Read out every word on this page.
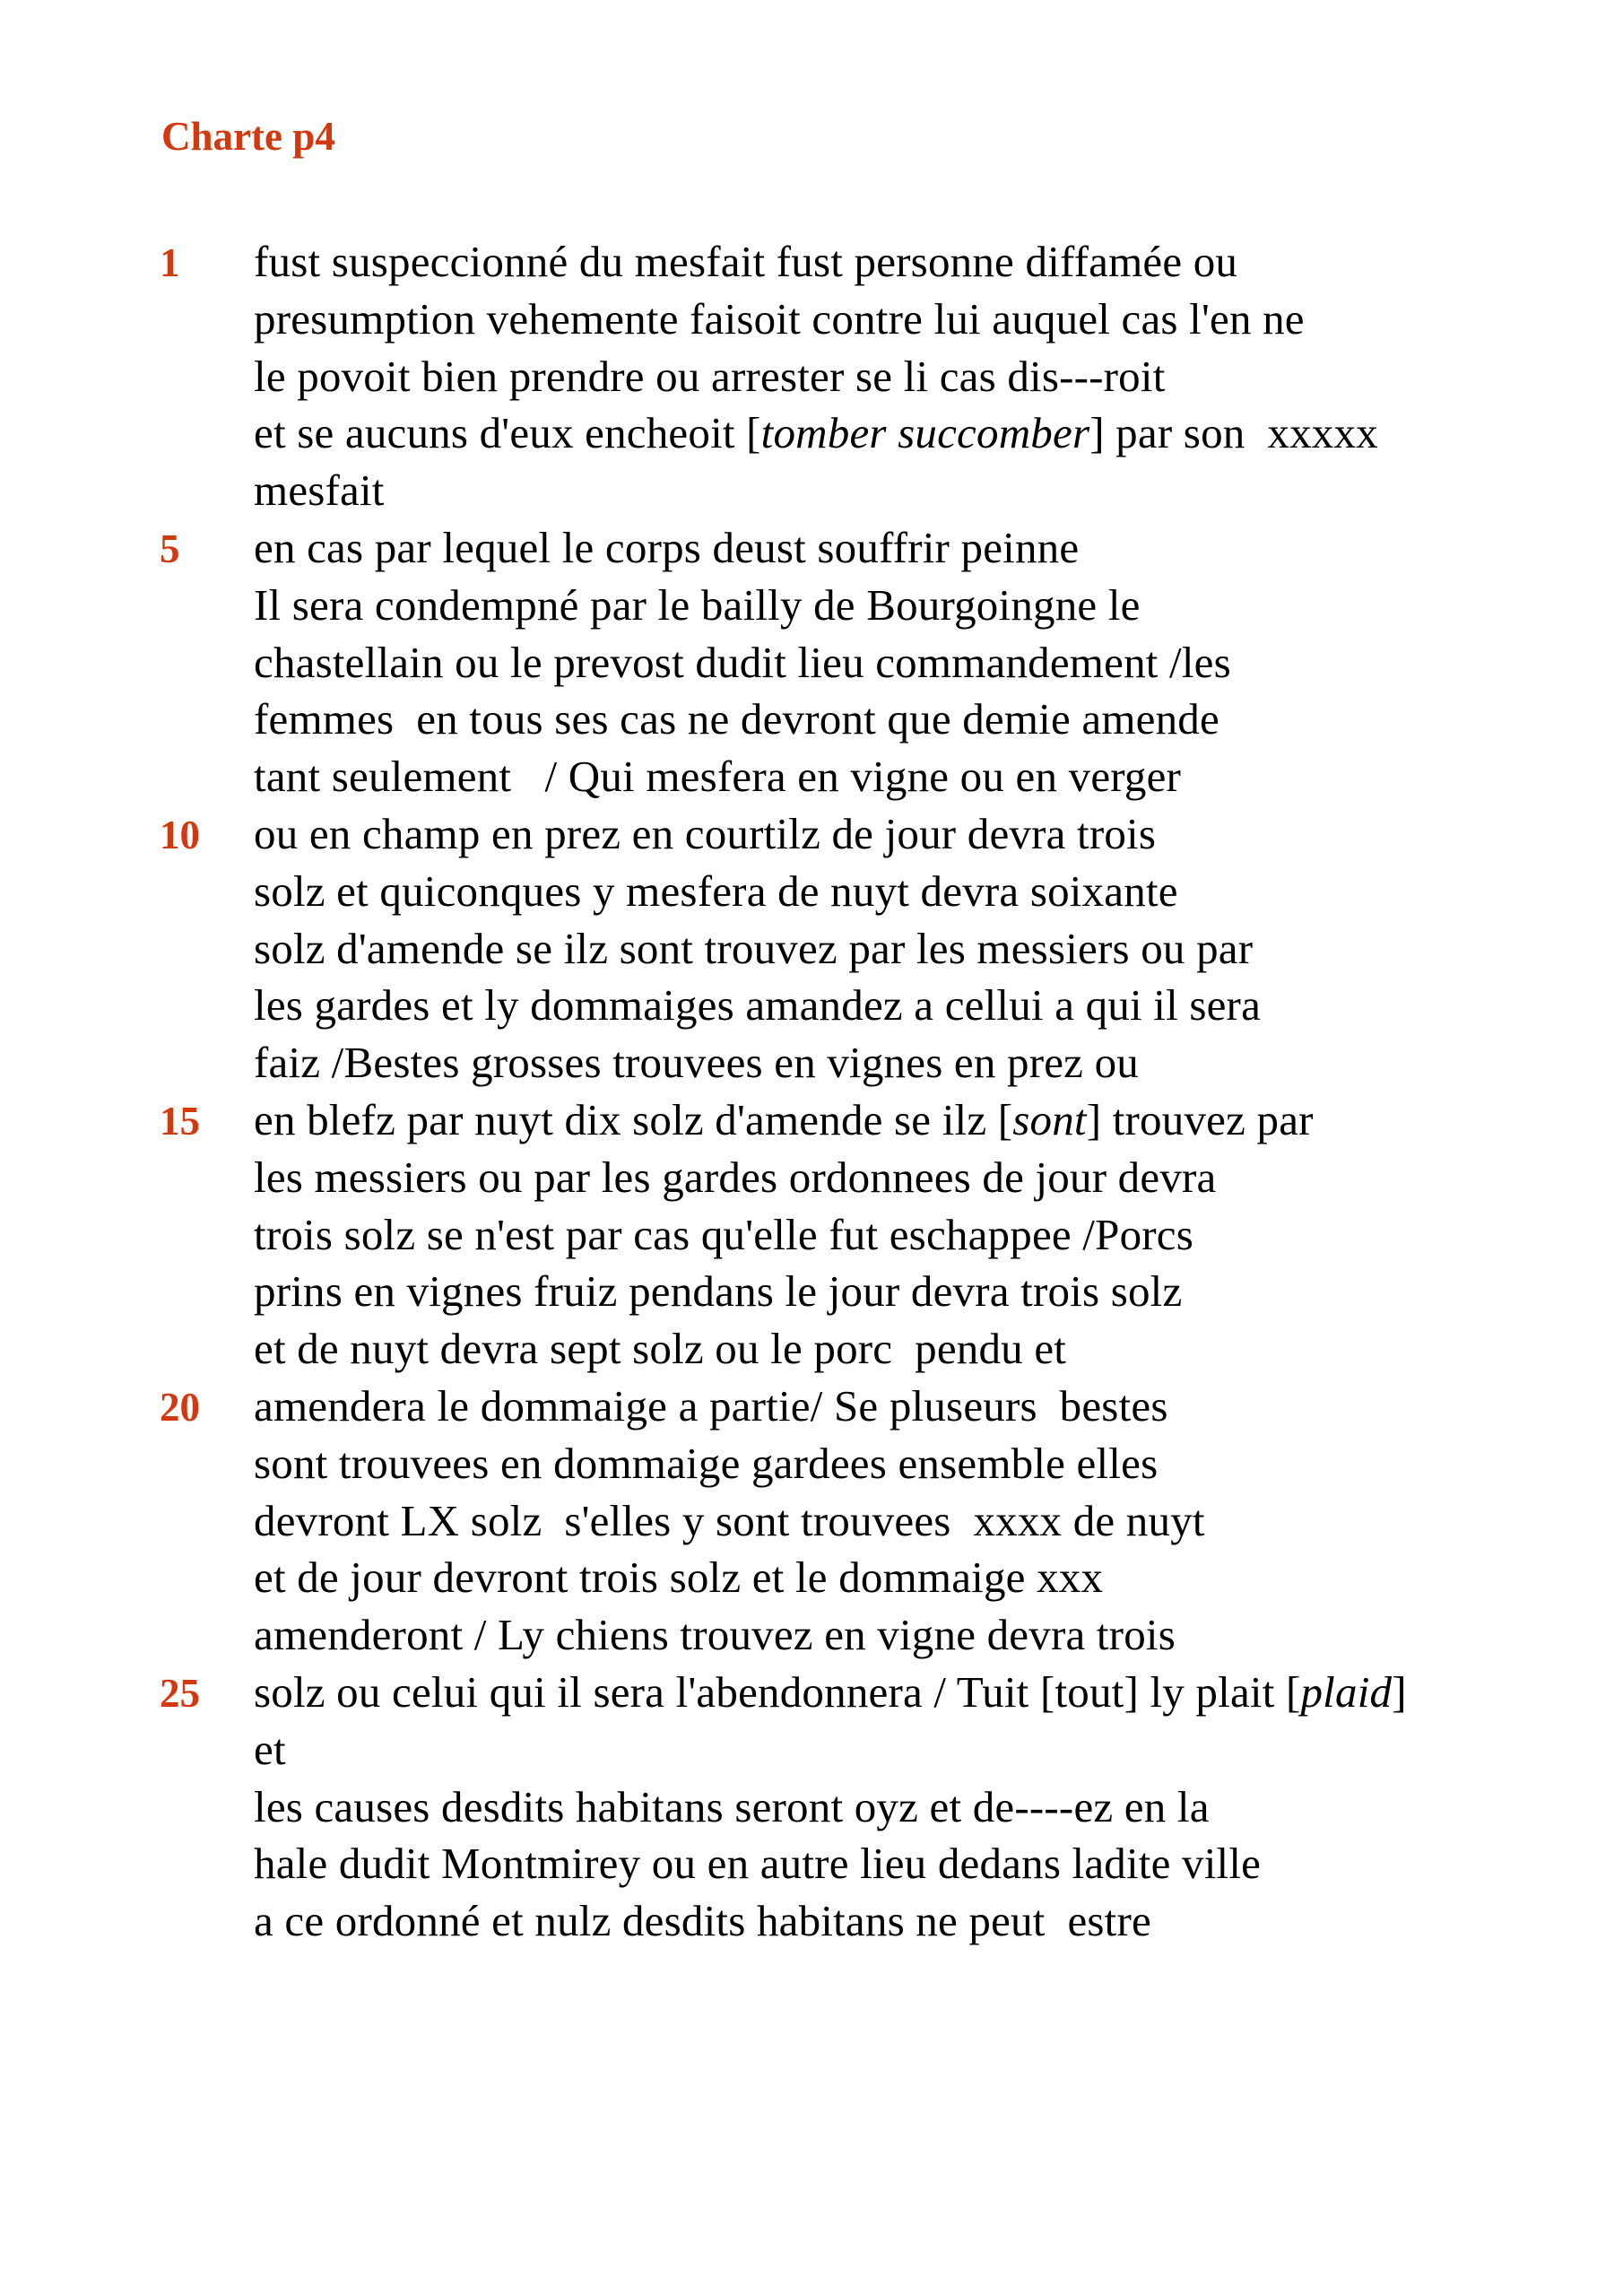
Charte p4
1	fust suspeccionné du mesfait fust personne diffamée ou
presumption vehemente faisoit contre lui auquel cas l'en ne
le povoit bien prendre ou arrester se li cas dis---roit
et se aucuns d'eux encheoit [tomber succomber] par son  xxxxx
mesfait
5	en cas par lequel le corps deust souffrir peinne
Il sera condempné par le bailly de Bourgoingne le
chastellain ou le prevost dudit lieu commandement /les
femmes  en tous ses cas ne devront que demie amende
tant seulement   / Qui mesfera en vigne ou en verger
10	ou en champ en prez en courtilz de jour devra trois
solz et quiconques y mesfera de nuyt devra soixante
solz d'amende se ilz sont trouvez par les messiers ou par
les gardes et ly dommaiges amandez a cellui a qui il sera
faiz /Bestes grosses trouvees en vignes en prez ou
15	en blefz par nuyt dix solz d'amende se ilz [sont] trouvez par
les messiers ou par les gardes ordonnees de jour devra
trois solz se n'est par cas qu'elle fut eschappee /Porcs
prins en vignes fruiz pendans le jour devra trois solz
et de nuyt devra sept solz ou le porc  pendu et
20	amendera le dommaige a partie/ Se pluseurs  bestes
sont trouvees en dommaige gardees ensemble elles
devront LX solz  s'elles y sont trouvees  xxxx de nuyt
et de jour devront trois solz et le dommaige xxx
amenderont / Ly chiens trouvez en vigne devra trois
25	solz ou celui qui il sera l'abendonnera / Tuit [tout] ly plait [plaid]
et
les causes desdits habitans seront oyz et de----ez en la
hale dudit Montmirey ou en autre lieu dedans ladite ville
a ce ordonné et nulz desdits habitans ne peut  estre
